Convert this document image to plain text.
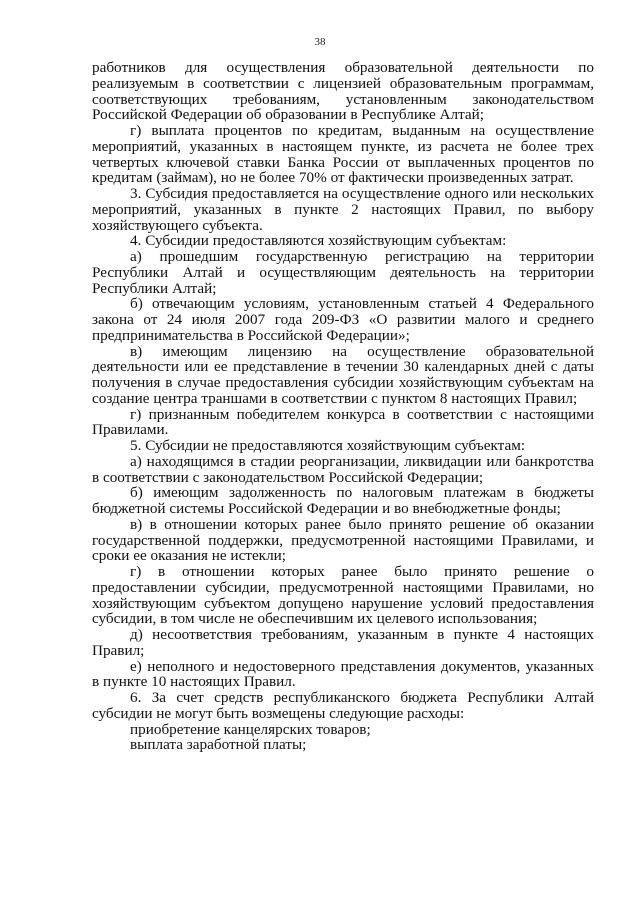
38

работников для осуществления образовательной деятельности по реализуемым в соответствии с лицензией образовательным программам, соответствующих требованиям, установленным законодательством Российской Федерации об образовании в Республике Алтай;

г) выплата процентов по кредитам, выданным на осуществление мероприятий, указанных в настоящем пункте, из расчета не более трех четвертых ключевой ставки Банка России от выплаченных процентов по кредитам (займам), но не более 70% от фактически произведенных затрат.

3. Субсидия предоставляется на осуществление одного или нескольких мероприятий, указанных в пункте 2 настоящих Правил, по выбору хозяйствующего субъекта.

4. Субсидии предоставляются хозяйствующим субъектам:

а) прошедшим государственную регистрацию на территории Республики Алтай и осуществляющим деятельность на территории Республики Алтай;

б) отвечающим условиям, установленным статьей 4 Федерального закона от 24 июля 2007 года 209-ФЗ «О развитии малого и среднего предпринимательства в Российской Федерации»;

в) имеющим лицензию на осуществление образовательной деятельности или ее представление в течении 30 календарных дней с даты получения в случае предоставления субсидии хозяйствующим субъектам на создание центра траншами в соответствии с пунктом 8 настоящих Правил;

г) признанным победителем конкурса в соответствии с настоящими Правилами.

5. Субсидии не предоставляются хозяйствующим субъектам:

а) находящимся в стадии реорганизации, ликвидации или банкротства в соответствии с законодательством Российской Федерации;

б) имеющим задолженность по налоговым платежам в бюджеты бюджетной системы Российской Федерации и во внебюджетные фонды;

в) в отношении которых ранее было принято решение об оказании государственной поддержки, предусмотренной настоящими Правилами, и сроки ее оказания не истекли;

г) в отношении которых ранее было принято решение о предоставлении субсидии, предусмотренной настоящими Правилами, но хозяйствующим субъектом допущено нарушение условий предоставления субсидии, в том числе не обеспечившим их целевого использования;

д) несоответствия требованиям, указанным в пункте 4 настоящих Правил;

е) неполного и недостоверного представления документов, указанных в пункте 10 настоящих Правил.

6. За счет средств республиканского бюджета Республики Алтай субсидии не могут быть возмещены следующие расходы:

приобретение канцелярских товаров;

выплата заработной платы;
